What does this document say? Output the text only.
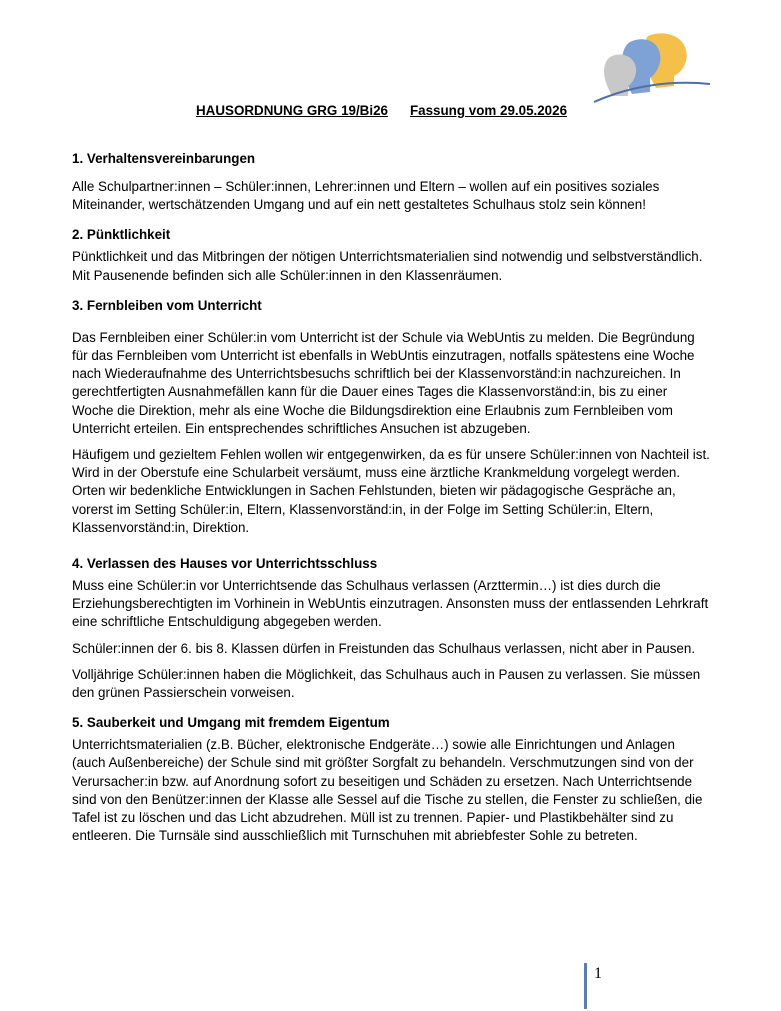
HAUSORDNUNG GRG 19/Bi26 Fassung vom 29.05.2026
1. Verhaltensvereinbarungen

Alle Schulpartner:innen – Schüler:innen, Lehrer:innen und Eltern – wollen auf ein positives soziales Miteinander, wertschätzenden Umgang und auf ein nett gestaltetes Schulhaus stolz sein können!

2. Pünktlichkeit

Pünktlichkeit und das Mitbringen der nötigen Unterrichtsmaterialien sind notwendig und selbstverständlich. Mit Pausenende befinden sich alle Schüler:innen in den Klassenräumen.

3. Fernbleiben vom Unterricht

Das Fernbleiben einer Schüler:in vom Unterricht ist der Schule via WebUntis zu melden. Die Begründung für das Fernbleiben vom Unterricht ist ebenfalls in WebUntis einzutragen, notfalls spätestens eine Woche nach Wiederaufnahme des Unterrichtsbesuchs schriftlich bei der Klassenvorständ:in nachzureichen. In gerechtfertigten Ausnahmefällen kann für die Dauer eines Tages die Klassenvorständ:in, bis zu einer Woche die Direktion, mehr als eine Woche die Bildungsdirektion eine Erlaubnis zum Fernbleiben vom Unterricht erteilen. Ein entsprechendes schriftliches Ansuchen ist abzugeben.

Häufigem und gezieltem Fehlen wollen wir entgegenwirken, da es für unsere Schüler:innen von Nachteil ist. Wird in der Oberstufe eine Schularbeit versäumt, muss eine ärztliche Krankmeldung vorgelegt werden. Orten wir bedenkliche Entwicklungen in Sachen Fehlstunden, bieten wir pädagogische Gespräche an, vorerst im Setting Schüler:in, Eltern, Klassenvorständ:in, in der Folge im Setting Schüler:in, Eltern, Klassenvorständ:in, Direktion.

4. Verlassen des Hauses vor Unterrichtsschluss

Muss eine Schüler:in vor Unterrichtsende das Schulhaus verlassen (Arzttermin…) ist dies durch die Erziehungsberechtigten im Vorhinein in WebUntis einzutragen. Ansonsten muss der entlassenden Lehrkraft eine schriftliche Entschuldigung abgegeben werden.

Schüler:innen der 6. bis 8. Klassen dürfen in Freistunden das Schulhaus verlassen, nicht aber in Pausen.

Volljährige Schüler:innen haben die Möglichkeit, das Schulhaus auch in Pausen zu verlassen. Sie müssen den grünen Passierschein vorweisen.

5. Sauberkeit und Umgang mit fremdem Eigentum

Unterrichtsmaterialien (z.B. Bücher, elektronische Endgeräte…) sowie alle Einrichtungen und Anlagen (auch Außenbereiche) der Schule sind mit größter Sorgfalt zu behandeln. Verschmutzungen sind von der Verursacher:in bzw. auf Anordnung sofort zu beseitigen und Schäden zu ersetzen. Nach Unterrichtsende sind von den Benützer:innen der Klasse alle Sessel auf die Tische zu stellen, die Fenster zu schließen, die Tafel ist zu löschen und das Licht abzudrehen. Müll ist zu trennen. Papier- und Plastikbehälter sind zu entleeren. Die Turnsäle sind ausschließlich mit Turnschuhen mit abriebfester Sohle zu betreten.

1
